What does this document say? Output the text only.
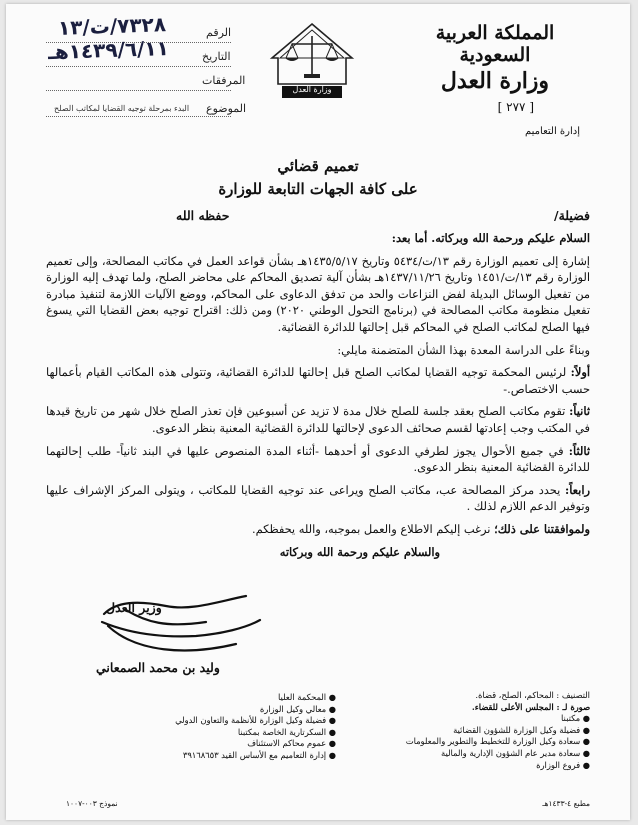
المملكة العربية السعودية
وزارة العدل
[ ٢٧٧ ]
إدارة التعاميم
وزارة العدل
الرقم
٧٣٢٨/ت/١٣
التاريخ
١٤٣٩/٦/١١هـ
المرفقات
الموضوع
البدء بمرحلة توجيه القضايا لمكاتب الصلح
تعميم قضائي
على كافة الجهات التابعة للوزارة
فضيلة/
حفظه الله

السلام عليكم ورحمة الله وبركاته. أما بعد:

إشارة إلى تعميم الوزارة رقم ١٣/ت/٥٤٣٤ وتاريخ ١٤٣٥/٥/١٧هـ بشأن قواعد العمل في مكاتب المصالحة، وإلى تعميم الوزارة رقم ١٣/ت/١٤٥١ وتاريخ ١٤٣٧/١١/٢٦هـ بشأن آلية تصديق المحاكم على محاضر الصلح، ولما تهدف إليه الوزارة من تفعيل الوسائل البديلة لفض النزاعات والحد من تدفق الدعاوى على المحاكم، ووضع الآليات اللازمة لتنفيذ مبادرة تفعيل منظومة مكاتب المصالحة في (برنامج التحول الوطني ٢٠٢٠) ومن ذلك: اقتراح توجيه بعض القضايا التي يسوغ فيها الصلح لمكاتب الصلح في المحاكم قبل إحالتها للدائرة القضائية.

وبناءً على الدراسة المعدة بهذا الشأن المتضمنة مايلي:

أولاً: لرئيس المحكمة توجيه القضايا لمكاتب الصلح قبل إحالتها للدائرة القضائية، وتتولى هذه المكاتب القيام بأعمالها حسب الاختصاص.-

ثانياً: تقوم مكاتب الصلح بعقد جلسة للصلح خلال مدة لا تزيد عن أسبوعين فإن تعذر الصلح خلال شهر من تاريخ قيدها في المكتب وجب إعادتها لقسم صحائف الدعوى لإحالتها للدائرة القضائية المعنية بنظر الدعوى.

ثالثاً: في جميع الأحوال يجوز لطرفي الدعوى أو أحدهما -أثناء المدة المنصوص عليها في البند ثانياً- طلب إحالتهما للدائرة القضائية المعنية بنظر الدعوى.

رابعاً: يحدد مركز المصالحة عب، مكاتب الصلح ويراعى عند توجيه القضايا للمكاتب ، ويتولى المركز الإشراف عليها وتوفير الدعم اللازم لذلك .

ولموافقتنا على ذلك؛ نرغب إليكم الاطلاع والعمل بموجبه، والله يحفظكم.

والسلام عليكم ورحمة الله وبركاته

وزير العدل
وليد بن محمد الصمعاني
التصنيف : المحاكم، الصلح، قضاة.
صورة لـ : المجلس الأعلى للقضاء.
● مكتبنا
● فضيلة وكيل الوزارة للشؤون القضائية
● سعادة وكيل الوزارة للتخطيط والتطوير والمعلومات
● سعادة مدير عام الشؤون الإدارية والمالية
● فروع الوزارة
● المحكمة العليا
● معالي وكيل الوزارة
● فضيلة وكيل الوزارة للأنظمة والتعاون الدولي
● السكرتارية الخاصة بمكتبنا
● عموم محاكم الاستئناف
● إدارة التعاميم مع الأساس القيد ٣٩١٦٨٦٥٣
نموذج ٠٠٣-١٠٠٧	مطبع ٤-١٤٣٣هـ
